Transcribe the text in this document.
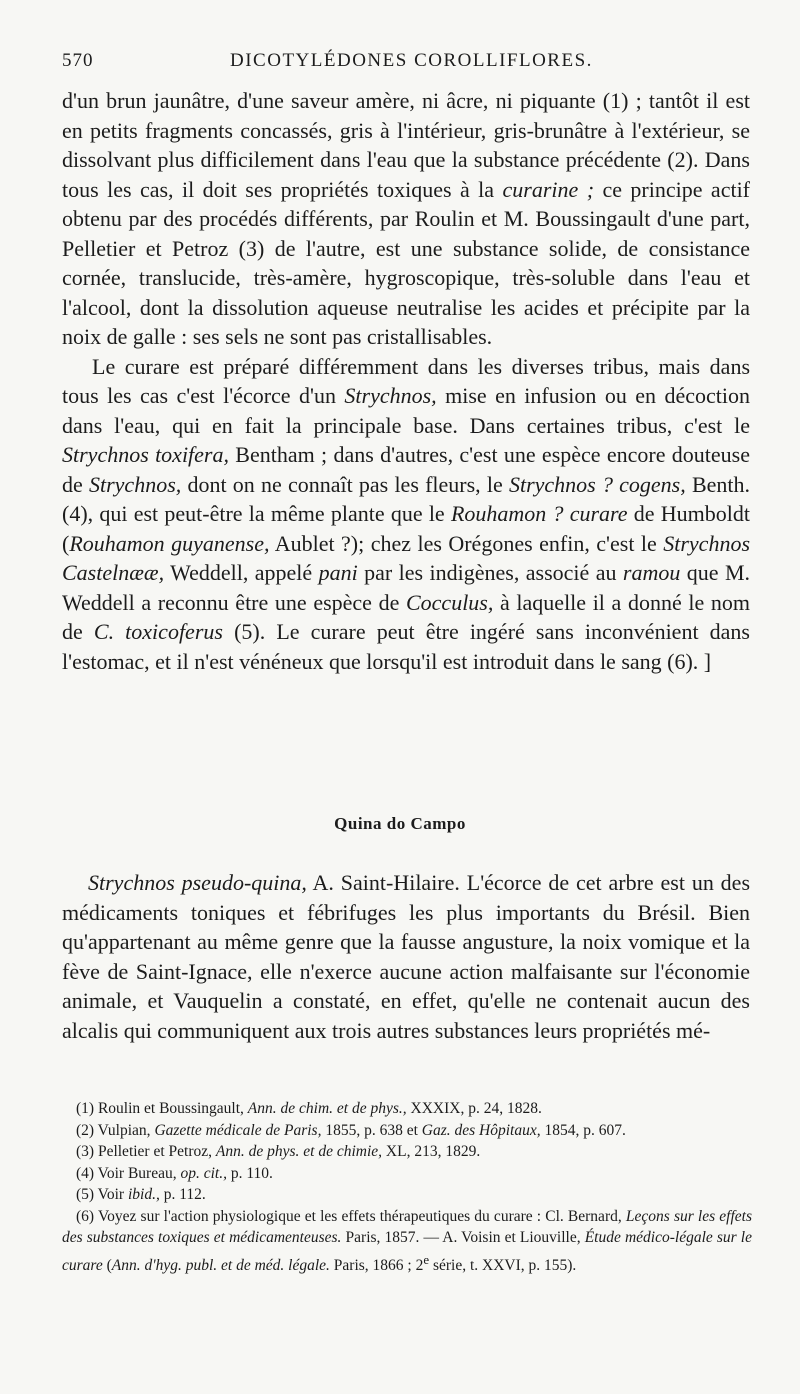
570	DICOTYLÉDONES COROLLIFLORES.

d'un brun jaunâtre, d'une saveur amère, ni âcre, ni piquante (1) ; tantôt il est en petits fragments concassés, gris à l'intérieur, gris-brunâtre à l'extérieur, se dissolvant plus difficilement dans l'eau que la substance précédente (2). Dans tous les cas, il doit ses propriétés toxiques à la curarine ; ce principe actif obtenu par des procédés différents, par Roulin et M. Boussingault d'une part, Pelletier et Petroz (3) de l'autre, est une substance solide, de consistance cornée, translucide, très-amère, hygroscopique, très-soluble dans l'eau et l'alcool, dont la dissolution aqueuse neutralise les acides et précipite par la noix de galle : ses sels ne sont pas cristallisables.

Le curare est préparé différemment dans les diverses tribus, mais dans tous les cas c'est l'écorce d'un Strychnos, mise en infusion ou en décoction dans l'eau, qui en fait la principale base. Dans certaines tribus, c'est le Strychnos toxifera, Bentham ; dans d'autres, c'est une espèce encore douteuse de Strychnos, dont on ne connaît pas les fleurs, le Strychnos ? cogens, Benth. (4), qui est peut-être la même plante que le Rouhamon ? curare de Humboldt (Rouhamon guyanense, Aublet ?); chez les Orégones enfin, c'est le Strychnos Castelnææ, Weddell, appelé pani par les indigènes, associé au ramou que M. Weddell a reconnu être une espèce de Cocculus, à laquelle il a donné le nom de C. toxicoferus (5). Le curare peut être ingéré sans inconvénient dans l'estomac, et il n'est vénéneux que lorsqu'il est introduit dans le sang (6). ]

Quina do Campo

Strychnos pseudo-quina, A. Saint-Hilaire. L'écorce de cet arbre est un des médicaments toniques et fébrifuges les plus importants du Brésil. Bien qu'appartenant au même genre que la fausse angusture, la noix vomique et la fève de Saint-Ignace, elle n'exerce aucune action malfaisante sur l'économie animale, et Vauquelin a constaté, en effet, qu'elle ne contenait aucun des alcalis qui communiquent aux trois autres substances leurs propriétés mé-

(1) Roulin et Boussingault, Ann. de chim. et de phys., XXXIX, p. 24, 1828.

(2) Vulpian, Gazette médicale de Paris, 1855, p. 638 et Gaz. des Hôpitaux, 1854, p. 607.

(3) Pelletier et Petroz, Ann. de phys. et de chimie, XL, 213, 1829.

(4) Voir Bureau, op. cit., p. 110.

(5) Voir ibid., p. 112.

(6) Voyez sur l'action physiologique et les effets thérapeutiques du curare : Cl. Bernard, Leçons sur les effets des substances toxiques et médicamenteuses. Paris, 1857. — A. Voisin et Liouville, Étude médico-légale sur le curare (Ann. d'hyg. publ. et de méd. légale. Paris, 1866 ; 2e série, t. XXVI, p. 155).
